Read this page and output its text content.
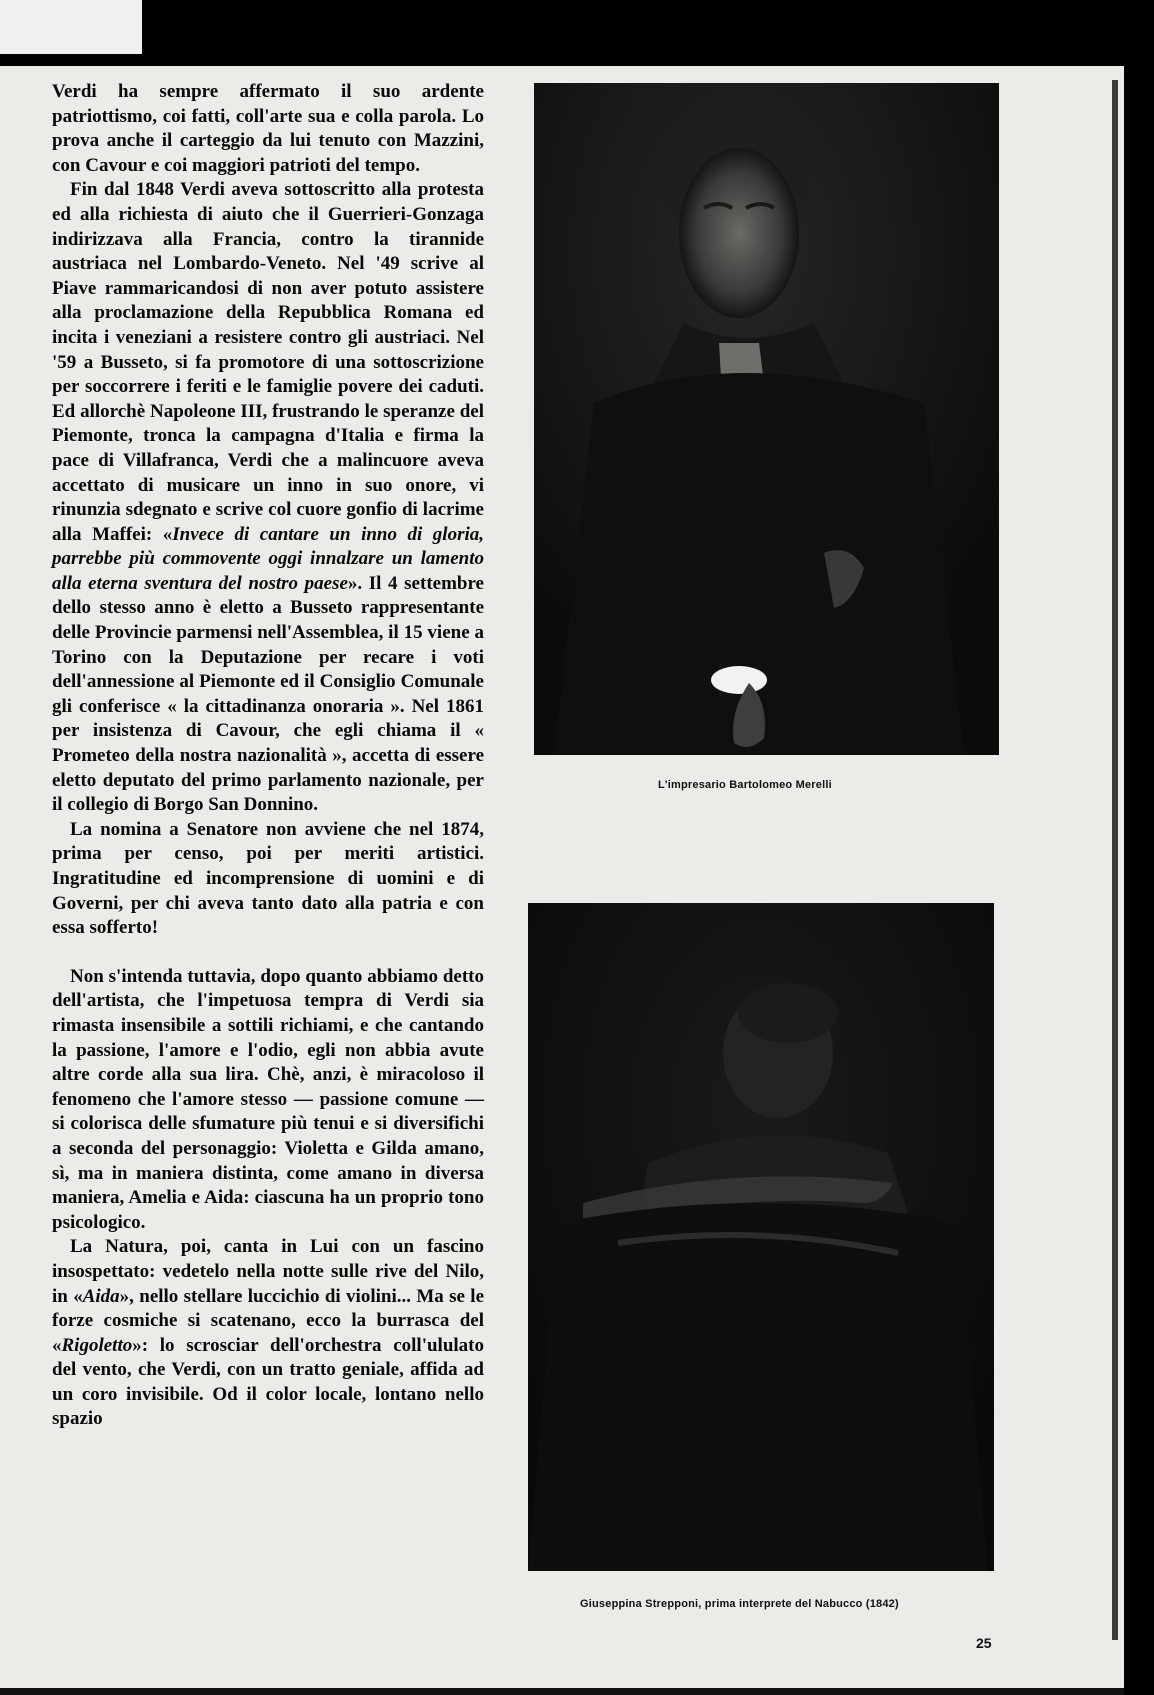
Verdi ha sempre affermato il suo ardente patriottismo, coi fatti, coll'arte sua e colla parola. Lo prova anche il carteggio da lui tenuto con Mazzini, con Cavour e coi maggiori patrioti del tempo.

Fin dal 1848 Verdi aveva sottoscritto alla protesta ed alla richiesta di aiuto che il Guerrieri-Gonzaga indirizzava alla Francia, contro la tirannide austriaca nel Lombardo-Veneto. Nel '49 scrive al Piave rammaricandosi di non aver potuto assistere alla proclamazione della Repubblica Romana ed incita i veneziani a resistere contro gli austriaci. Nel '59 a Busseto, si fa promotore di una sottoscrizione per soccorrere i feriti e le famiglie povere dei caduti. Ed allorchè Napoleone III, frustrando le speranze del Piemonte, tronca la campagna d'Italia e firma la pace di Villafranca, Verdi che a malincuore aveva accettato di musicare un inno in suo onore, vi rinunzia sdegnato e scrive col cuore gonfio di lacrime alla Maffei: «Invece di cantare un inno di gloria, parrebbe più commovente oggi innalzare un lamento alla eterna sventura del nostro paese». Il 4 settembre dello stesso anno è eletto a Busseto rappresentante delle Provincie parmensi nell'Assemblea, il 15 viene a Torino con la Deputazione per recare i voti dell'annessione al Piemonte ed il Consiglio Comunale gli conferisce « la cittadinanza onoraria ». Nel 1861 per insistenza di Cavour, che egli chiama il « Prometeo della nostra nazionalità », accetta di essere eletto deputato del primo parlamento nazionale, per il collegio di Borgo San Donnino.

La nomina a Senatore non avviene che nel 1874, prima per censo, poi per meriti artistici. Ingratitudine ed incomprensione di uomini e di Governi, per chi aveva tanto dato alla patria e con essa sofferto!

Non s'intenda tuttavia, dopo quanto abbiamo detto dell'artista, che l'impetuosa tempra di Verdi sia rimasta insensibile a sottili richiami, e che cantando la passione, l'amore e l'odio, egli non abbia avute altre corde alla sua lira. Chè, anzi, è miracoloso il fenomeno che l'amore stesso — passione comune — si colorisca delle sfumature più tenui e si diversifichi a seconda del personaggio: Violetta e Gilda amano, sì, ma in maniera distinta, come amano in diversa maniera, Amelia e Aida: ciascuna ha un proprio tono psicologico.

La Natura, poi, canta in Lui con un fascino insospettato: vedetelo nella notte sulle rive del Nilo, in «Aida», nello stellare luccichio di violini... Ma se le forze cosmiche si scatenano, ecco la burrasca del «Rigoletto»: lo scrosciar dell'orchestra coll'ululato del vento, che Verdi, con un tratto geniale, affida ad un coro invisibile. Od il color locale, lontano nello spazio

L'impresario Bartolomeo Merelli
Giuseppina Strepponi, prima interprete del Nabucco (1842)
25
